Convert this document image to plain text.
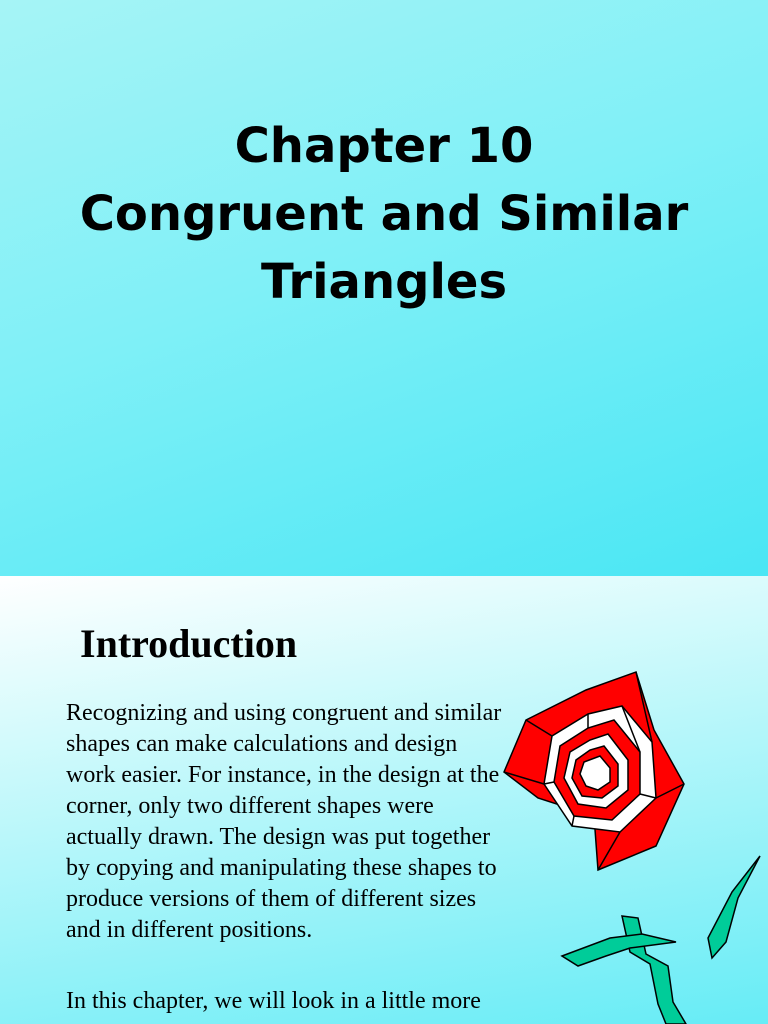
Chapter 10
Congruent and Similar
Triangles
Introduction

Recognizing and using congruent and similar shapes can make calculations and design work easier. For instance, in the design at the corner, only two different shapes were actually drawn. The design was put together by copying and manipulating these shapes to produce versions of them of different sizes and in different positions.

In this chapter, we will look in a little more
